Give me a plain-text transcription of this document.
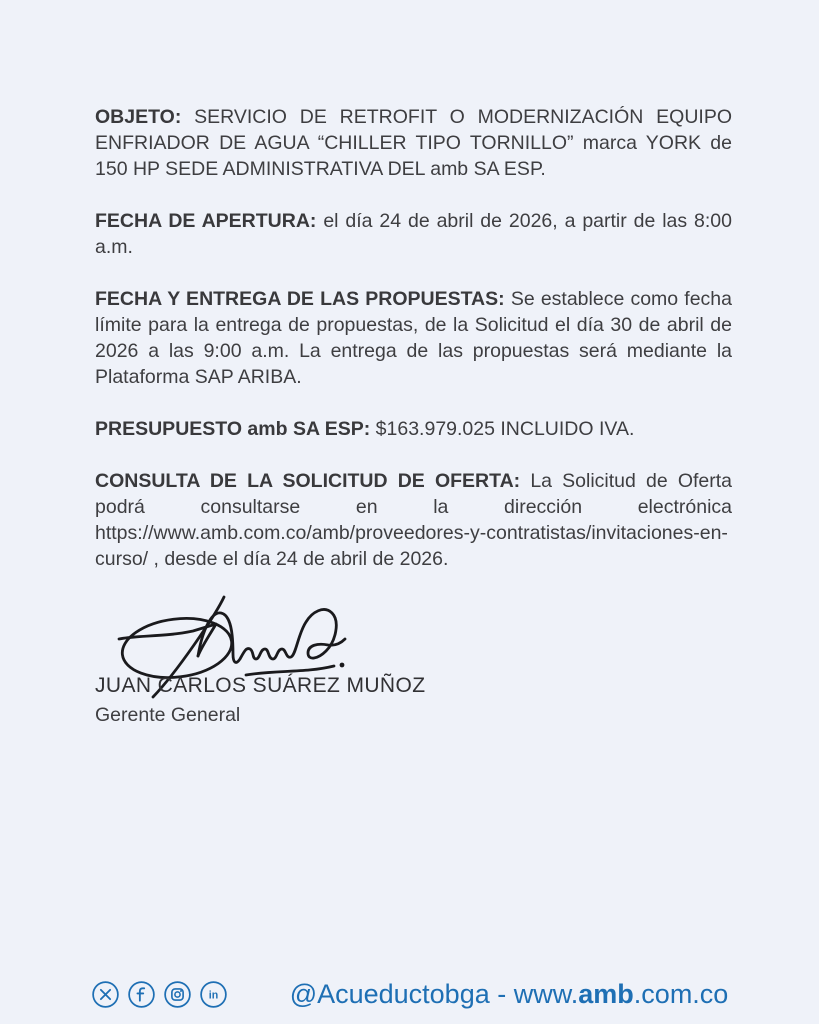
OBJETO: SERVICIO DE RETROFIT O MODERNIZACIÓN EQUIPO ENFRIADOR DE AGUA “CHILLER TIPO TORNILLO” marca YORK de 150 HP SEDE ADMINISTRATIVA DEL amb SA ESP.

FECHA DE APERTURA: el día 24 de abril de 2026, a partir de las 8:00 a.m.

FECHA Y ENTREGA DE LAS PROPUESTAS: Se establece como fecha límite para la entrega de propuestas, de la Solicitud el día 30 de abril de 2026 a las 9:00 a.m. La entrega de las propuestas será mediante la Plataforma SAP ARIBA.

PRESUPUESTO amb SA ESP: $163.979.025 INCLUIDO IVA.

CONSULTA DE LA SOLICITUD DE OFERTA: La Solicitud de Oferta podrá consultarse en la dirección electrónica https://www.amb.com.co/amb/proveedores-y-contratistas/invitaciones-en-curso/ , desde el día 24 de abril de 2026.

JUAN CARLOS SUÁREZ MUÑOZ
Gerente General
in	@Acueductobga - www.amb.com.co
